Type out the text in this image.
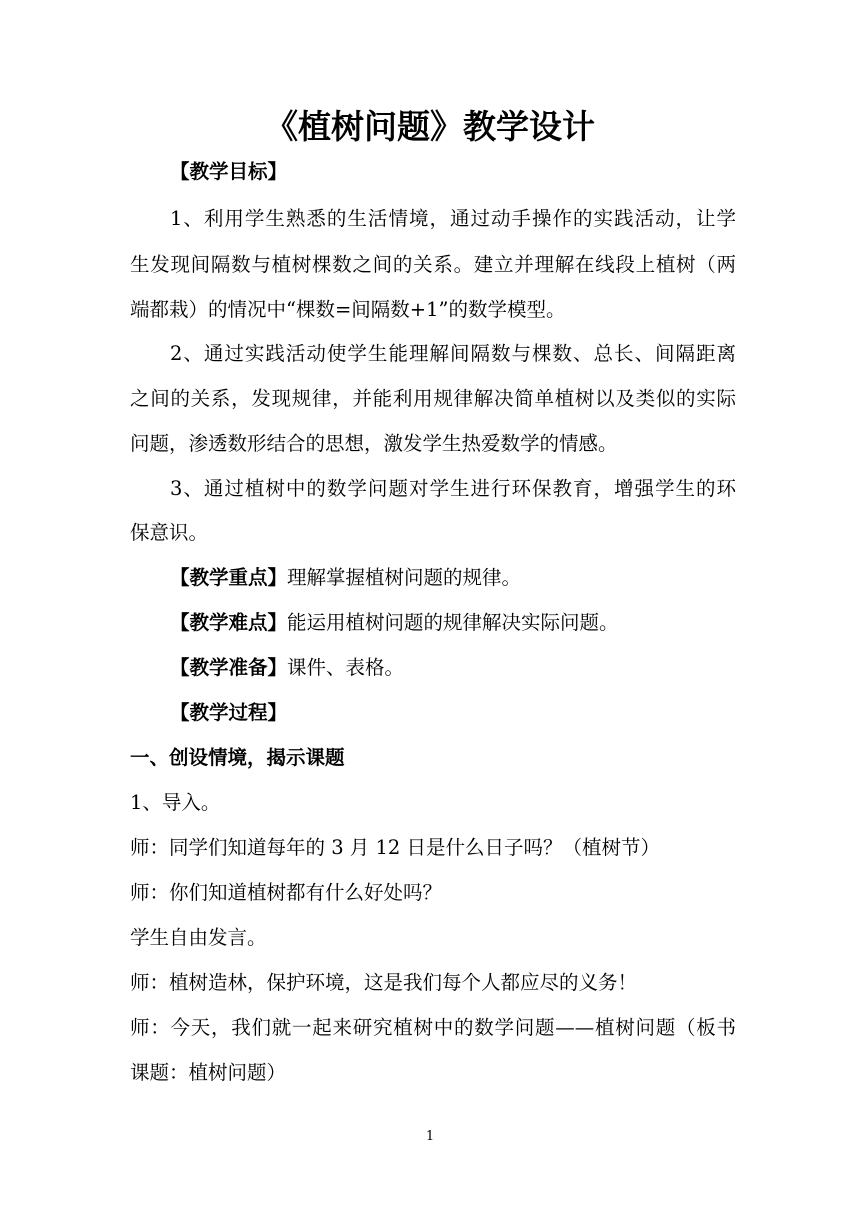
《植树问题》教学设计
【教学目标】
1、利用学生熟悉的生活情境，通过动手操作的实践活动，让学
生发现间隔数与植树棵数之间的关系。建立并理解在线段上植树（两
端都栽）的情况中“棵数=间隔数+1”的数学模型。
2、通过实践活动使学生能理解间隔数与棵数、总长、间隔距离
之间的关系，发现规律，并能利用规律解决简单植树以及类似的实际
问题，渗透数形结合的思想，激发学生热爱数学的情感。
3、通过植树中的数学问题对学生进行环保教育，增强学生的环
保意识。
【教学重点】理解掌握植树问题的规律。
【教学难点】能运用植树问题的规律解决实际问题。
【教学准备】课件、表格。
【教学过程】
一、创设情境，揭示课题
1、导入。
师：同学们知道每年的 3 月 12 日是什么日子吗？（植树节）
师：你们知道植树都有什么好处吗？
学生自由发言。
师：植树造林，保护环境，这是我们每个人都应尽的义务！
师：今天，我们就一起来研究植树中的数学问题——植树问题（板书
课题：植树问题）
1
